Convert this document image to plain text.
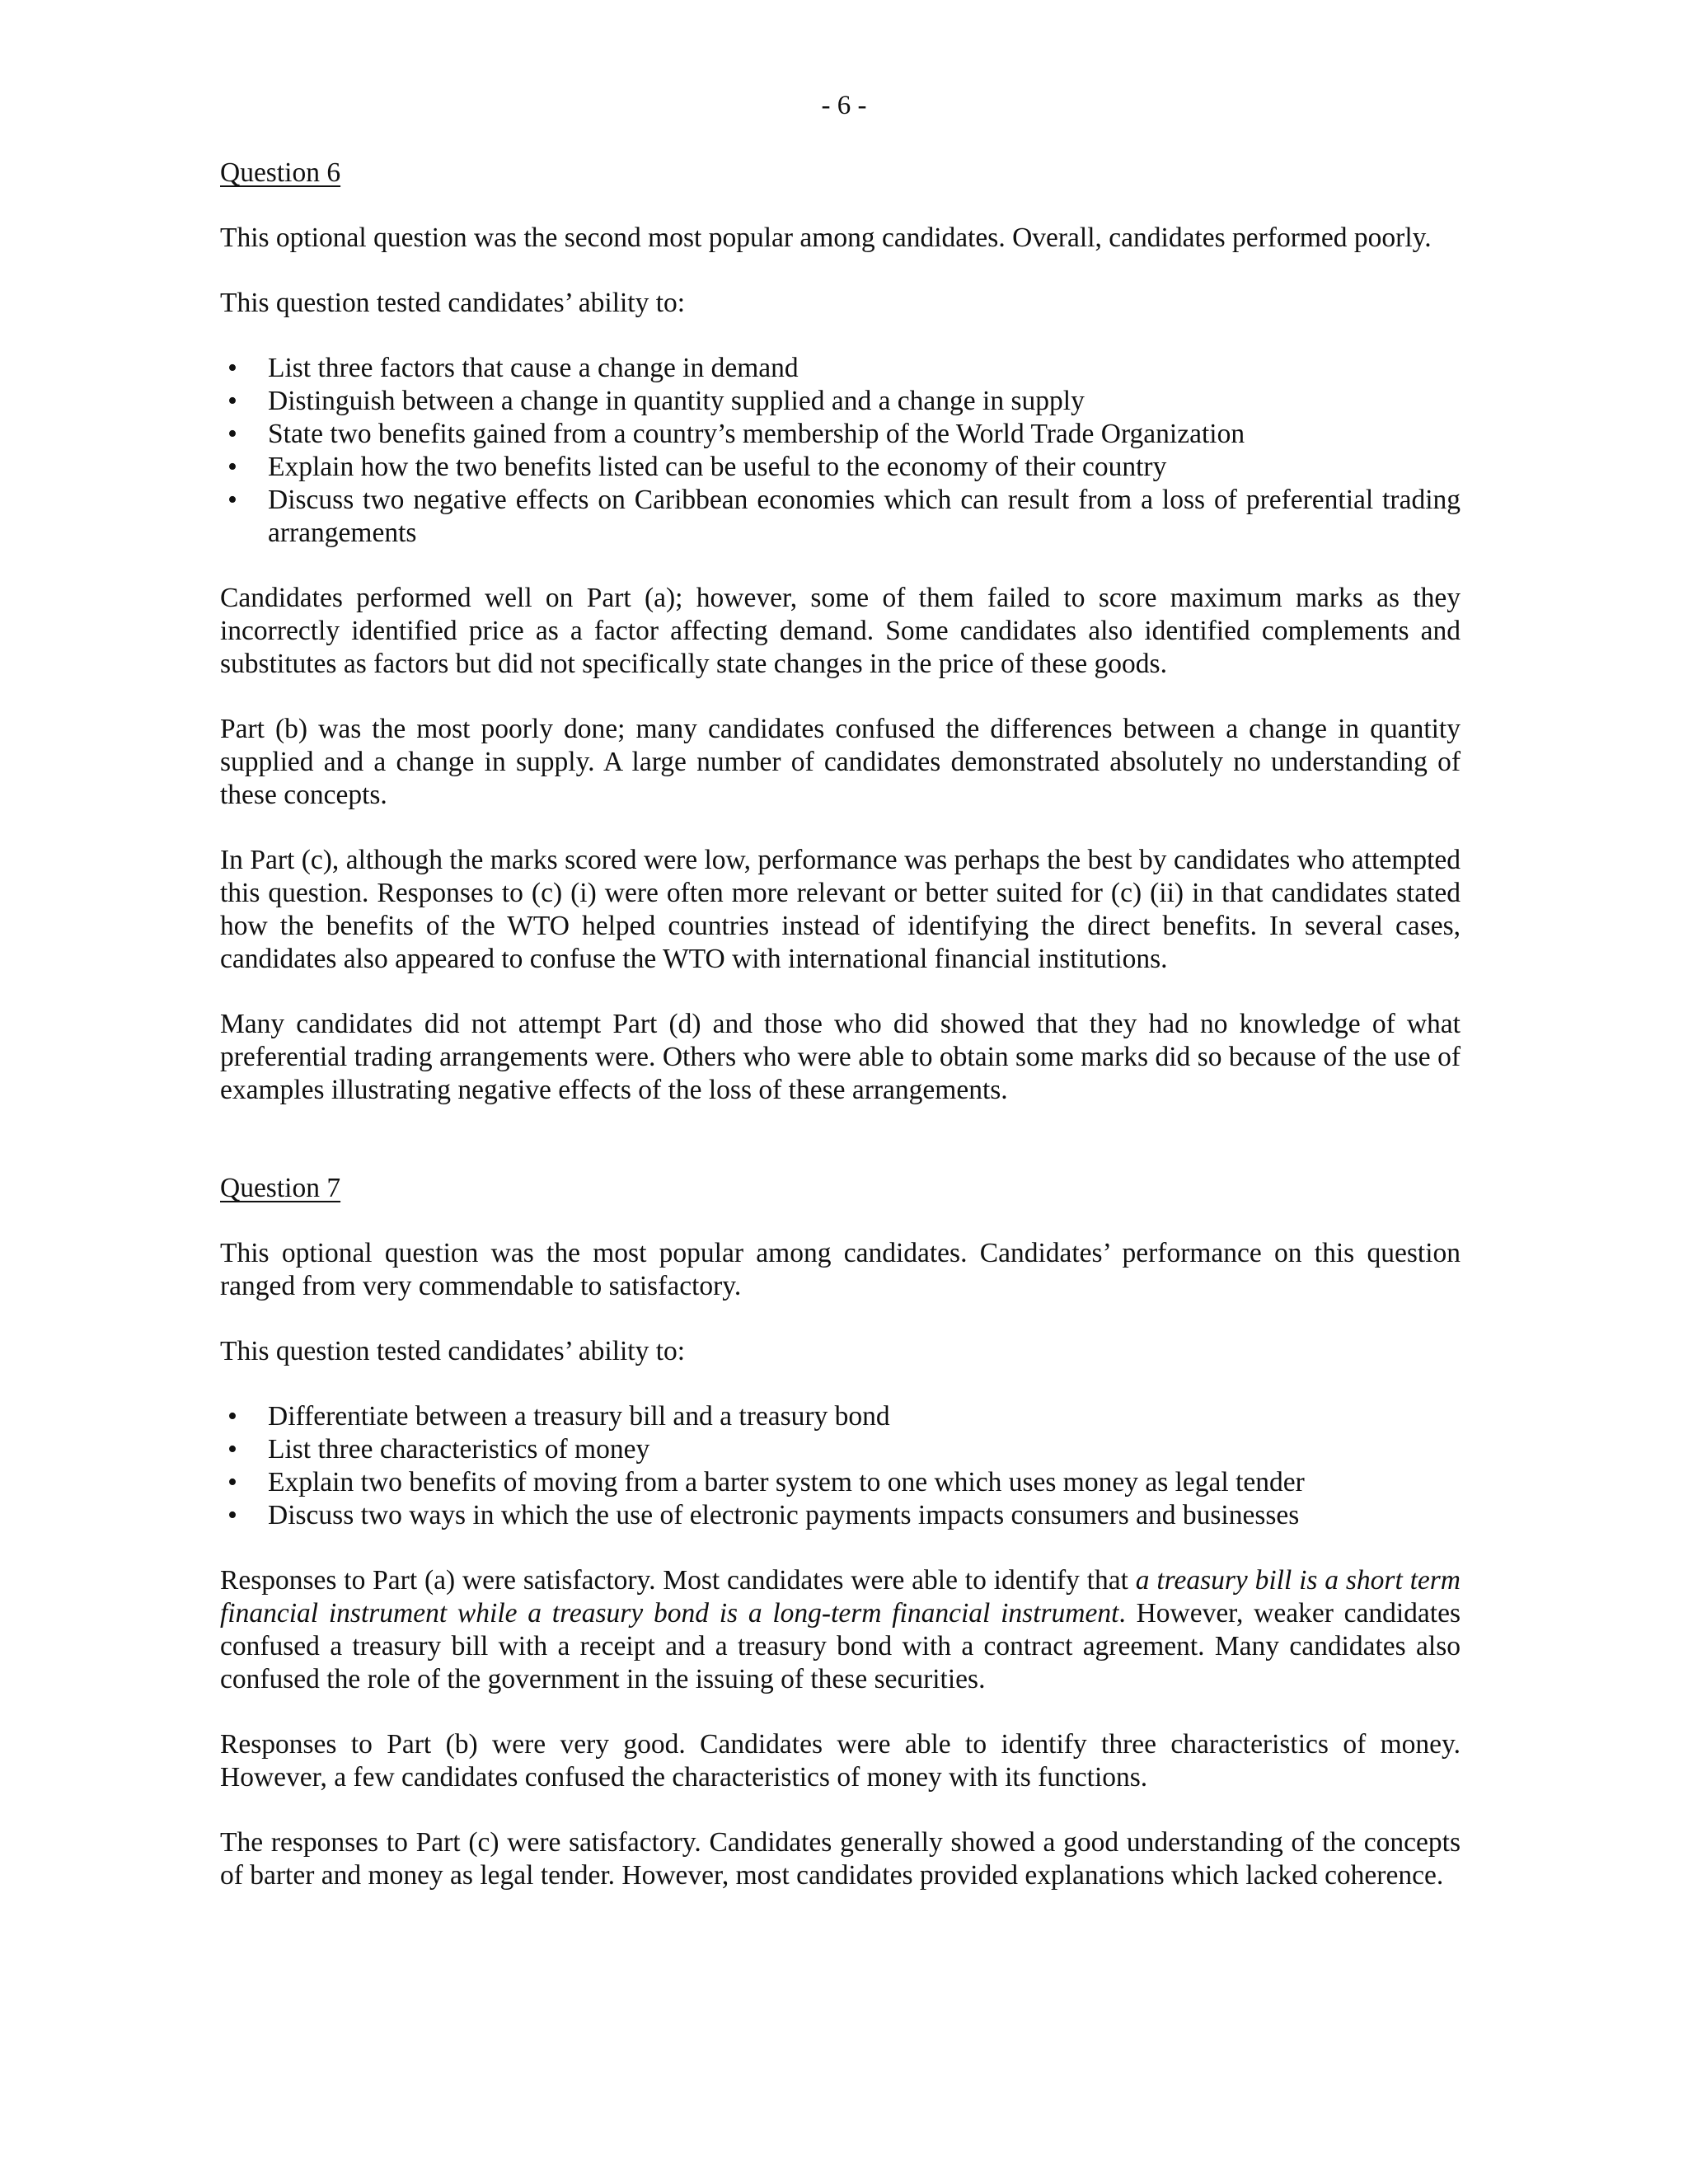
- 6 -

Question 6

This optional question was the second most popular among candidates. Overall, candidates performed poorly.

This question tested candidates’ ability to:

• List three factors that cause a change in demand
• Distinguish between a change in quantity supplied and a change in supply
• State two benefits gained from a country’s membership of the World Trade Organization
• Explain how the two benefits listed can be useful to the economy of their country
• Discuss two negative effects on Caribbean economies which can result from a loss of preferential trading arrangements

Candidates performed well on Part (a); however, some of them failed to score maximum marks as they incorrectly identified price as a factor affecting demand. Some candidates also identified complements and substitutes as factors but did not specifically state changes in the price of these goods.

Part (b) was the most poorly done; many candidates confused the differences between a change in quantity supplied and a change in supply. A large number of candidates demonstrated absolutely no understanding of these concepts.

In Part (c), although the marks scored were low, performance was perhaps the best by candidates who attempted this question. Responses to (c) (i) were often more relevant or better suited for (c) (ii) in that candidates stated how the benefits of the WTO helped countries instead of identifying the direct benefits. In several cases, candidates also appeared to confuse the WTO with international financial institutions.

Many candidates did not attempt Part (d) and those who did showed that they had no knowledge of what preferential trading arrangements were. Others who were able to obtain some marks did so because of the use of examples illustrating negative effects of the loss of these arrangements.

Question 7

This optional question was the most popular among candidates. Candidates’ performance on this question ranged from very commendable to satisfactory.

This question tested candidates’ ability to:

• Differentiate between a treasury bill and a treasury bond
• List three characteristics of money
• Explain two benefits of moving from a barter system to one which uses money as legal tender
• Discuss two ways in which the use of electronic payments impacts consumers and businesses

Responses to Part (a) were satisfactory. Most candidates were able to identify that a treasury bill is a short term financial instrument while a treasury bond is a long-term financial instrument. However, weaker candidates confused a treasury bill with a receipt and a treasury bond with a contract agreement. Many candidates also confused the role of the government in the issuing of these securities.

Responses to Part (b) were very good. Candidates were able to identify three characteristics of money. However, a few candidates confused the characteristics of money with its functions.

The responses to Part (c) were satisfactory. Candidates generally showed a good understanding of the concepts of barter and money as legal tender. However, most candidates provided explanations which lacked coherence.
